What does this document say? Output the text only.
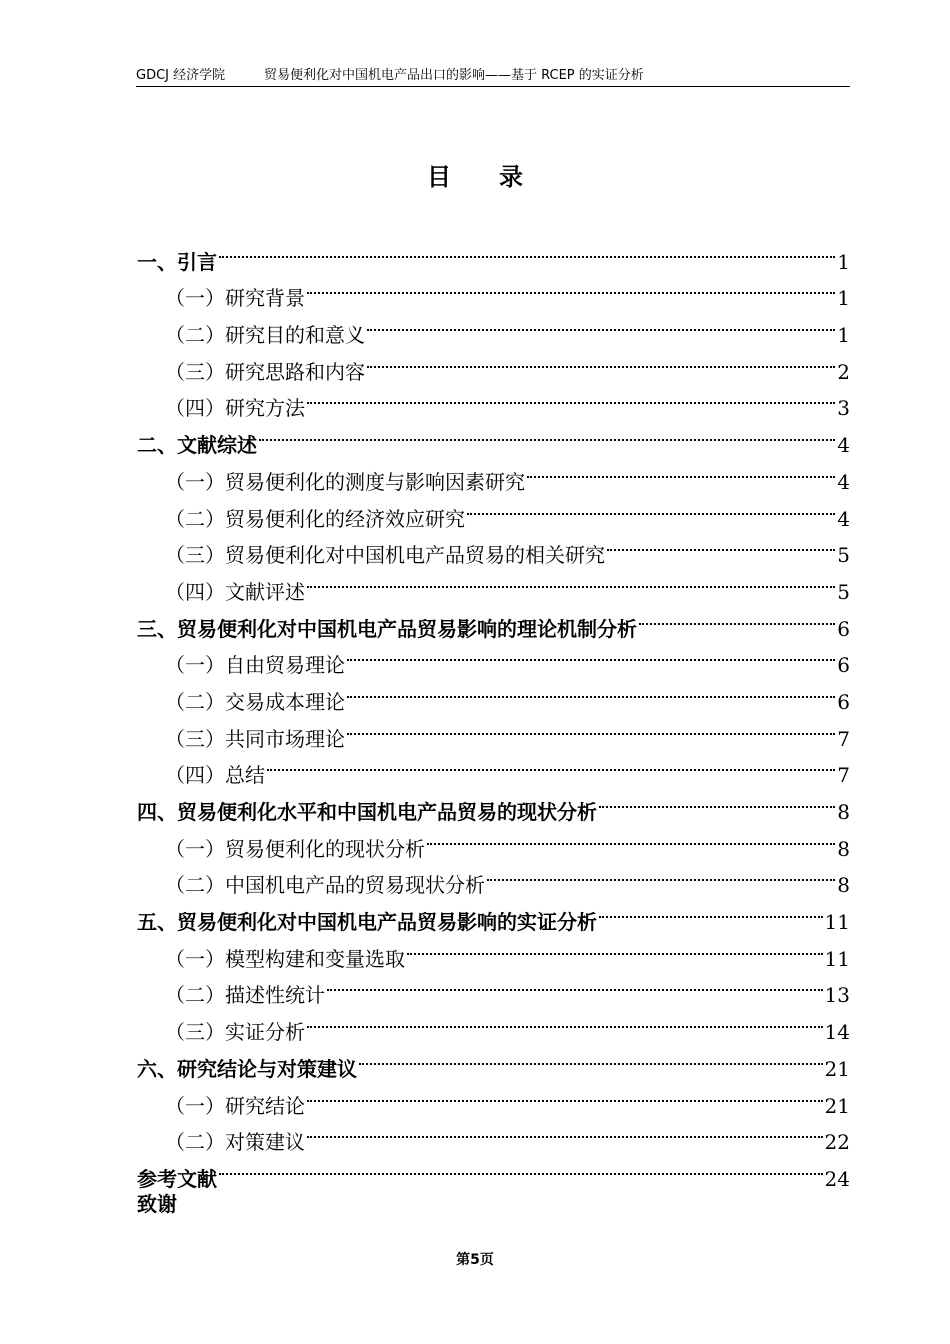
GDCJ 经济学院	贸易便利化对中国机电产品出口的影响——基于 RCEP 的实证分析
目录
一、引言	1
（一）研究背景	1
（二）研究目的和意义	1
（三）研究思路和内容	2
（四）研究方法	3
二、文献综述	4
（一）贸易便利化的测度与影响因素研究	4
（二）贸易便利化的经济效应研究	4
（三）贸易便利化对中国机电产品贸易的相关研究	5
（四）文献评述	5
三、贸易便利化对中国机电产品贸易影响的理论机制分析	6
（一）自由贸易理论	6
（二）交易成本理论	6
（三）共同市场理论	7
（四）总结	7
四、贸易便利化水平和中国机电产品贸易的现状分析	8
（一）贸易便利化的现状分析	8
（二）中国机电产品的贸易现状分析	8
五、贸易便利化对中国机电产品贸易影响的实证分析	11
（一）模型构建和变量选取	11
（二）描述性统计	13
（三）实证分析	14
六、研究结论与对策建议	21
（一）研究结论	21
（二）对策建议	22
参考文献	24
致谢
第5页
